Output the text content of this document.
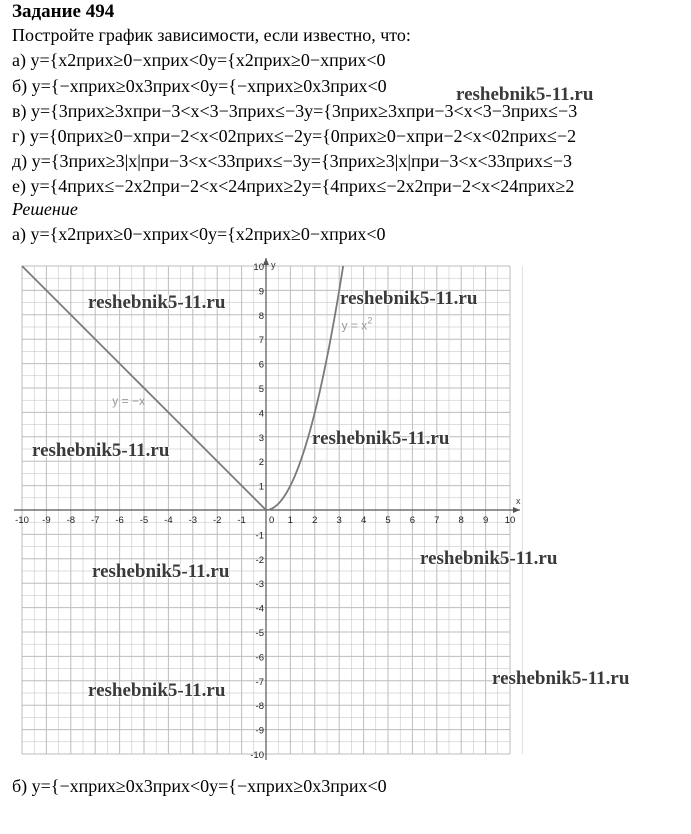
Задание 494
Постройте график зависимости, если известно, что:
а) y={x2прих≥0−xприх<0y={x2прих≥0−xприх<0
б) y={−xприх≥0x3прих<0y={−xприх≥0x3прих<0
в) y={3прих≥3xпри−3<x<3−3прих≤−3y={3прих≥3xпри−3<x<3−3прих≤−3
г) y={0прих≥0−xпри−2<x<02прих≤−2y={0прих≥0−xпри−2<x<02прих≤−2
д) y={3прих≥3|x|при−3<x<33прих≤−3y={3прих≥3|x|при−3<x<33прих≤−3
е) y={4прих≤−2x2при−2<x<24прих≥2y={4прих≤−2x2при−2<x<24прих≥2
Решение
а) y={x2прих≥0−xприх<0y={x2прих≥0−xприх<0
x
y
-10 -9 -8 -7 -6 -5 -4 -3 -2 -1	1 2 3 4 5 6 7 8 9 10
10
9
8
7
6
5
4
3
2
1
-1
-2
-3
-4
-5
-6
-7
-8
-9
-10
0
y = −x
$y = x^2$
б) y={−xприх≥0x3прих<0y={−xприх≥0x3прих<0
reshebnik5-11.ru
reshebnik5-11.ru	reshebnik5-11.ru
reshebnik5-11.ru
reshebnik5-11.ru
reshebnik5-11.ru
reshebnik5-11.ru
reshebnik5-11.ru
reshebnik5-11.ru
